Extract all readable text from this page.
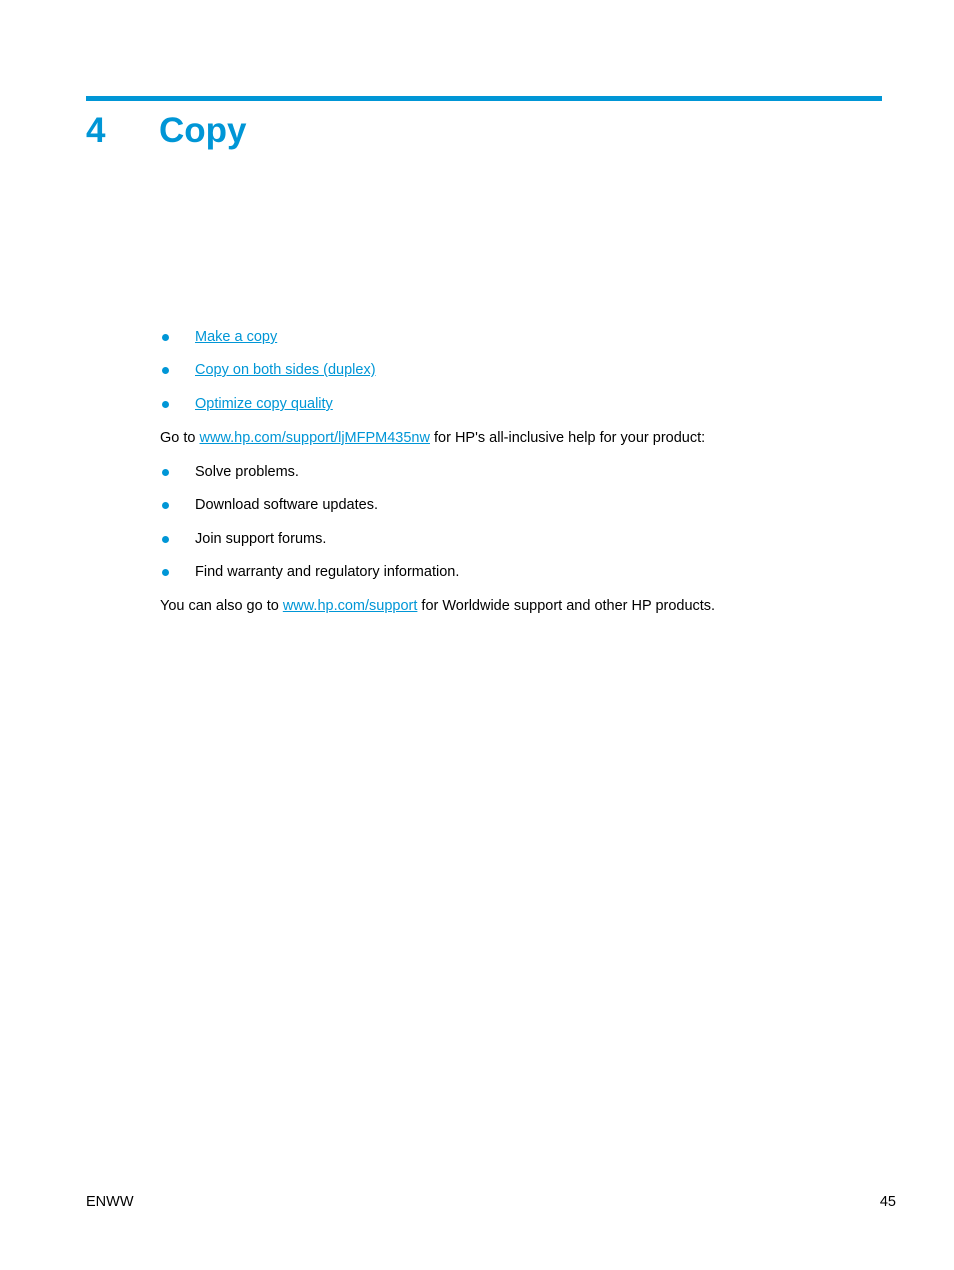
4 Copy
Make a copy
Copy on both sides (duplex)
Optimize copy quality
Go to www.hp.com/support/ljMFPM435nw for HP's all-inclusive help for your product:
Solve problems.
Download software updates.
Join support forums.
Find warranty and regulatory information.
You can also go to www.hp.com/support for Worldwide support and other HP products.
ENWW	45
